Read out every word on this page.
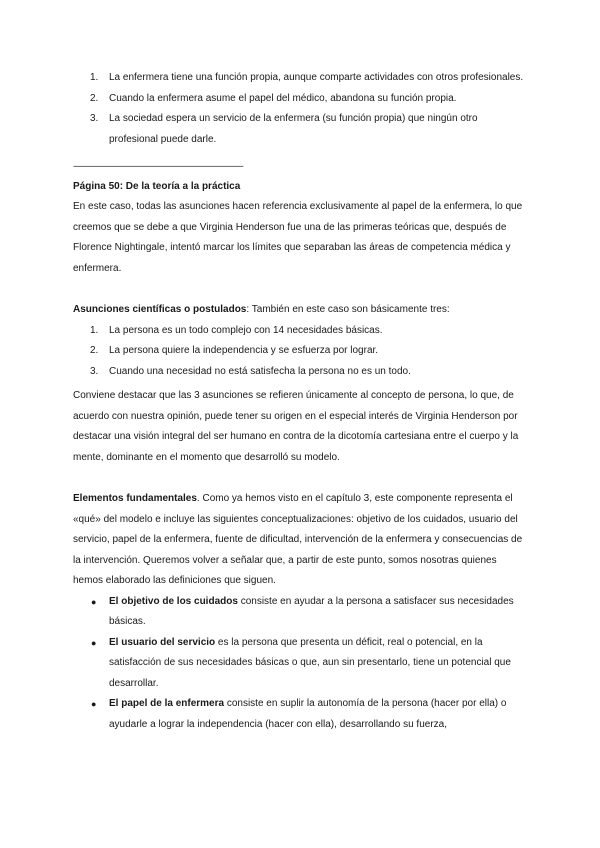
1.	La enfermera tiene una función propia, aunque comparte actividades con otros profesionales.
2.	Cuando la enfermera asume el papel del médico, abandona su función propia.
3.	La sociedad espera un servicio de la enfermera (su función propia) que ningún otro profesional puede darle.
-------------------------------------------------------------------------------------
Página 50: De la teoría a la práctica

En este caso, todas las asunciones hacen referencia exclusivamente al papel de la enfermera, lo que creemos que se debe a que Virginia Henderson fue una de las primeras teóricas que, después de Florence Nightingale, intentó marcar los límites que separaban las áreas de competencia médica y enfermera.

Asunciones científicas o postulados: También en este caso son básicamente tres:

1.	La persona es un todo complejo con 14 necesidades básicas.
2.	La persona quiere la independencia y se esfuerza por lograr.
3.	Cuando una necesidad no está satisfecha la persona no es un todo.

Conviene destacar que las 3 asunciones se refieren únicamente al concepto de persona, lo que, de acuerdo con nuestra opinión, puede tener su origen en el especial interés de Virginia Henderson por destacar una visión integral del ser humano en contra de la dicotomía cartesiana entre el cuerpo y la mente, dominante en el momento que desarrolló su modelo.

Elementos fundamentales. Como ya hemos visto en el capítulo 3, este componente representa el «qué» del modelo e incluye las siguientes conceptualizaciones: objetivo de los cuidados, usuario del servicio, papel de la enfermera, fuente de dificultad, intervención de la enfermera y consecuencias de la intervención. Queremos volver a señalar que, a partir de este punto, somos nosotras quienes hemos elaborado las definiciones que siguen.

●	El objetivo de los cuidados consiste en ayudar a la persona a satisfacer sus necesidades básicas.
●	El usuario del servicio es la persona que presenta un déficit, real o potencial, en la satisfacción de sus necesidades básicas o que, aun sin presentarlo, tiene un potencial que desarrollar.
●	El papel de la enfermera consiste en suplir la autonomía de la persona (hacer por ella) o ayudarle a lograr la independencia (hacer con ella), desarrollando su fuerza,
